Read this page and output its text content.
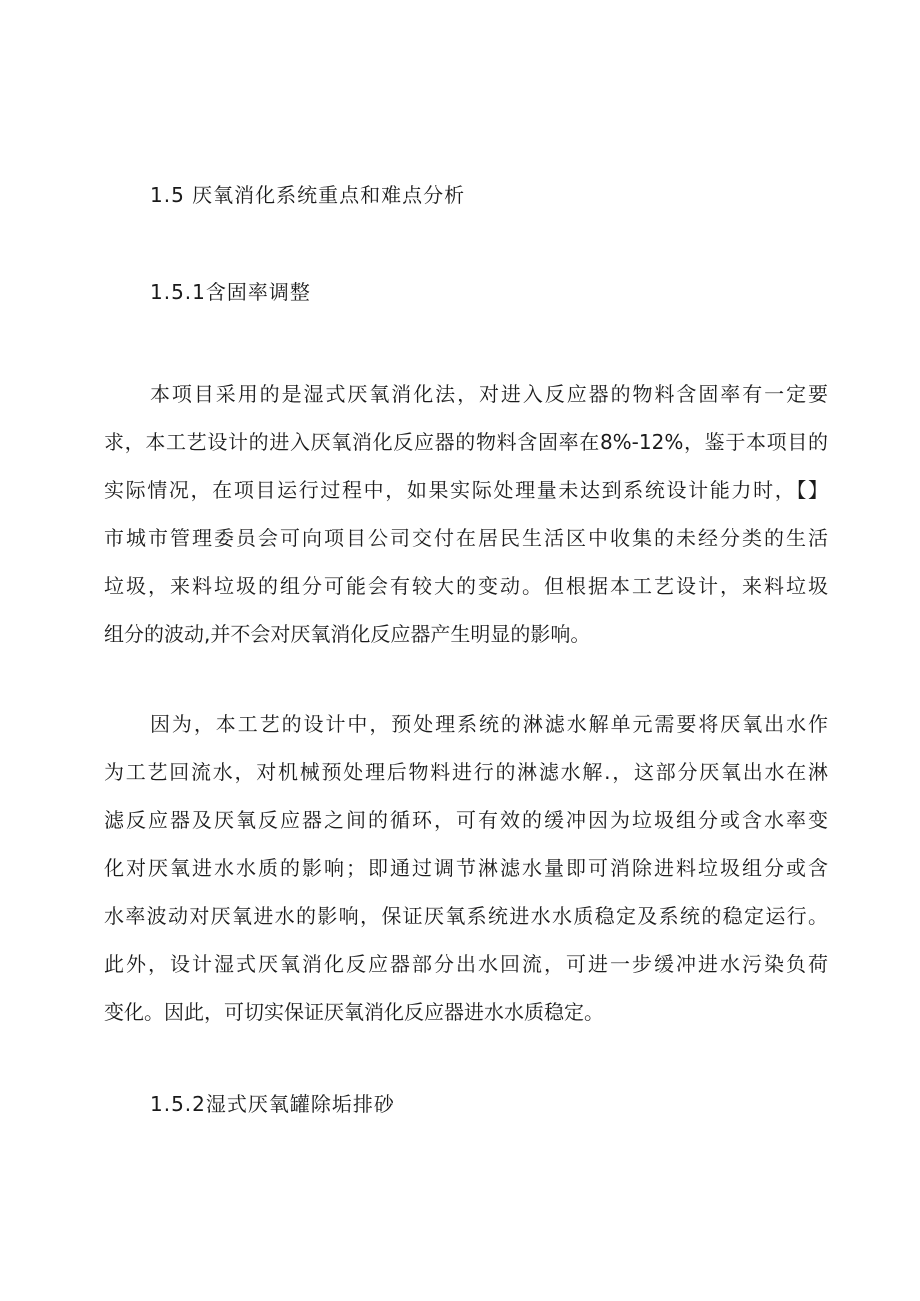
1.5 厌氧消化系统重点和难点分析
1.5.1含固率调整
本项目采用的是湿式厌氧消化法，对进入反应器的物料含固率有一定要
求，本工艺设计的进入厌氧消化反应器的物料含固率在8%-12%，鉴于本项目的
实际情况，在项目运行过程中，如果实际处理量未达到系统设计能力时，【】
市城市管理委员会可向项目公司交付在居民生活区中收集的未经分类的生活
垃圾，来料垃圾的组分可能会有较大的变动。但根据本工艺设计，来料垃圾
组分的波动,并不会对厌氧消化反应器产生明显的影响。
因为，本工艺的设计中，预处理系统的淋滤水解单元需要将厌氧出水作
为工艺回流水，对机械预处理后物料进行的淋滤水解.，这部分厌氧出水在淋
滤反应器及厌氧反应器之间的循环，可有效的缓冲因为垃圾组分或含水率变
化对厌氧进水水质的影响；即通过调节淋滤水量即可消除进料垃圾组分或含
水率波动对厌氧进水的影响，保证厌氧系统进水水质稳定及系统的稳定运行。
此外，设计湿式厌氧消化反应器部分出水回流，可进一步缓冲进水污染负荷
变化。因此，可切实保证厌氧消化反应器进水水质稳定。
1.5.2湿式厌氧罐除垢排砂
